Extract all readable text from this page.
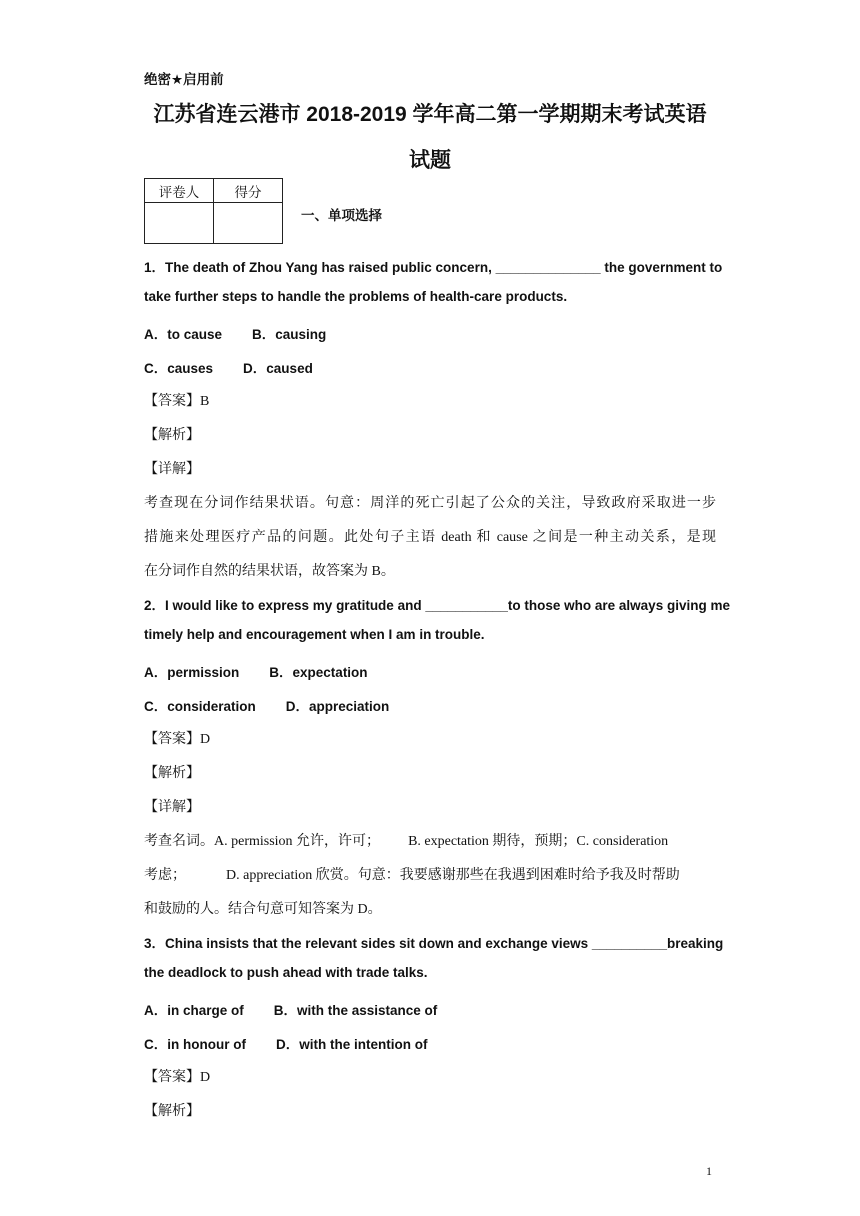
绝密★启用前
江苏省连云港市 2018-2019 学年高二第一学期期末考试英语
试题
评卷人	得分

一、单项选择
1．The death of Zhou Yang has raised public concern, ______________ the government to
take further steps to handle the problems of health-care products.
A．to cause B．causing
C．causes D．caused
【答案】B
【解析】
【详解】
考查现在分词作结果状语。句意：周洋的死亡引起了公众的关注，导致政府采取进一步
措施来处理医疗产品的问题。此处句子主语 death 和 cause 之间是一种主动关系，是现
在分词作自然的结果状语，故答案为 B。
2．I would like to express my gratitude and ___________to those who are always giving me
timely help and encouragement when I am in trouble.
A．permission B．expectation
C．consideration D．appreciation
【答案】D
【解析】
【详解】
考查名词。A. permission 允许，许可； B. expectation 期待，预期；C. consideration
考虑；	D. appreciation 欣赏。句意：我要感谢那些在我遇到困难时给予我及时帮助
和鼓励的人。结合句意可知答案为 D。
3．China insists that the relevant sides sit down and exchange views __________breaking
the deadlock to push ahead with trade talks.
A．in charge of B．with the assistance of
C．in honour of D．with the intention of
【答案】D
【解析】
1
